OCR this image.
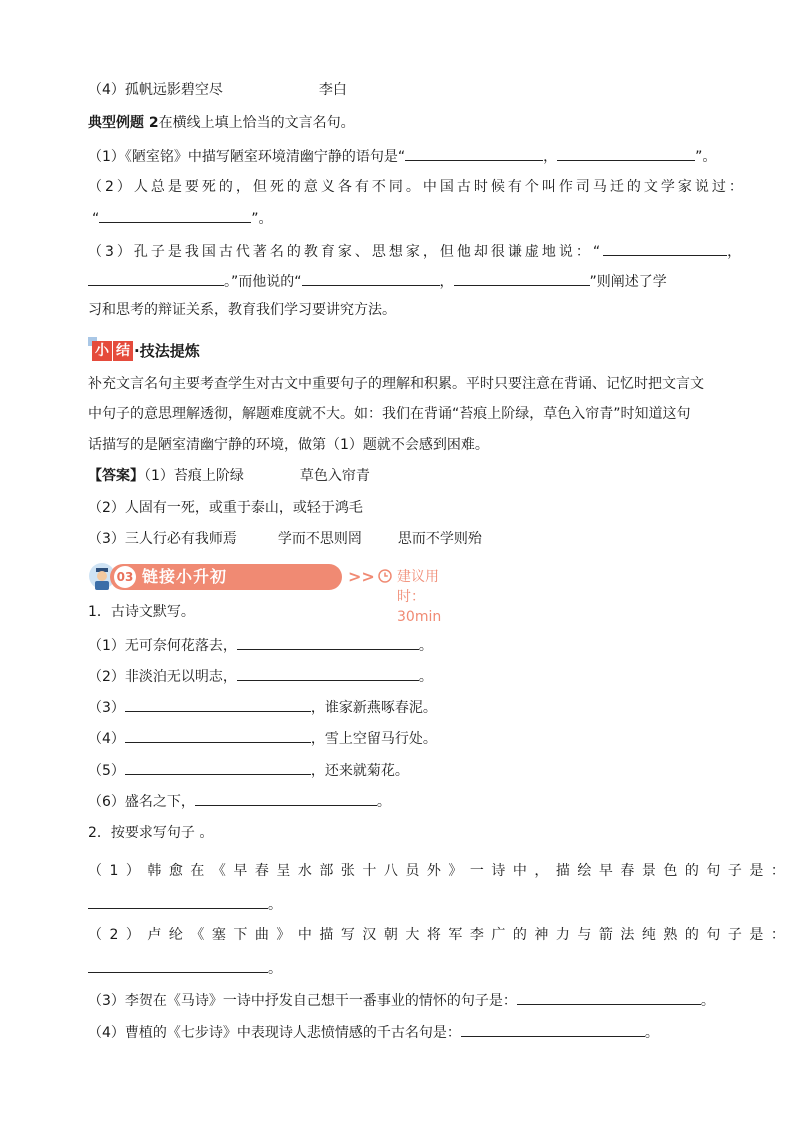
（4）孤帆远影碧空尽	李白
典型例题 2在横线上填上恰当的文言名句。
（1）《陋室铭》中描写陋室环境清幽宁静的语句是“	，	”。
（2）人总是要死的，但死的意义各有不同。中国古时候有个叫作司马迁的文学家说过：
“	”。
（3）孔子是我国古代著名的教育家、思想家，但他却很谦虚地说：“	，
。”而他说的“	，	”则阐述了学
习和思考的辩证关系，教育我们学习要讲究方法。
小 结 ·技法提炼
补充文言名句主要考查学生对古文中重要句子的理解和积累。平时只要注意在背诵、记忆时把文言文
中句子的意思理解透彻，解题难度就不大。如：我们在背诵“苔痕上阶绿，草色入帘青”时知道这句
话描写的是陋室清幽宁静的环境，做第（1）题就不会感到困难。
【答案】（1）苔痕上阶绿	草色入帘青
（2）人固有一死，或重于泰山，或轻于鸿毛
（3）三人行必有我师焉	学而不思则罔	思而不学则殆
03 链接小升初	>> 建议用时：30min
1．古诗文默写。
（1）无可奈何花落去，	。
（2）非淡泊无以明志，	。
（3）	，谁家新燕啄春泥。
（4）	，雪上空留马行处。
（5）	，还来就菊花。
（6）盛名之下，	。
2．按要求写句子 。
（1）韩愈在《早春呈水部张十八员外》一诗中，描绘早春景色的句子是：
。
（2）卢纶《塞下曲》中描写汉朝大将军李广的神力与箭法纯熟的句子是：
。
（3）李贺在《马诗》一诗中抒发自己想干一番事业的情怀的句子是：	。
（4）曹植的《七步诗》中表现诗人悲愤情感的千古名句是：	。
